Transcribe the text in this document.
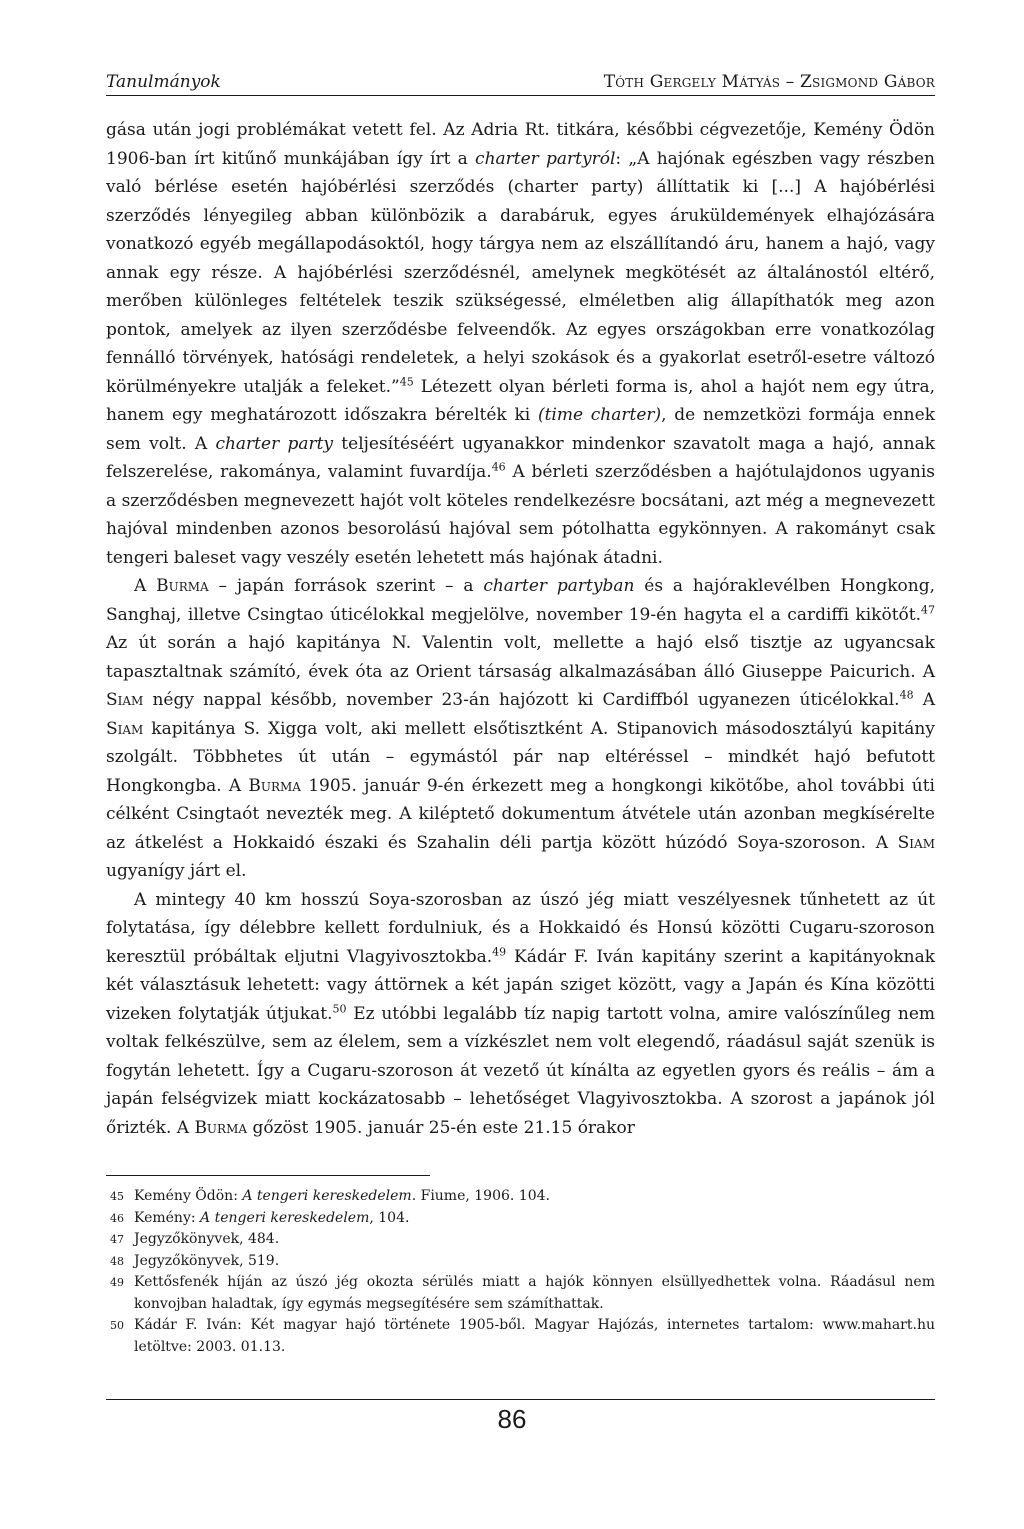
Tanulmányok	Tóth Gergely Mátyás – Zsigmond Gábor

gása után jogi problémákat vetett fel. Az Adria Rt. titkára, későbbi cégvezetője, Kemény Ödön 1906-ban írt kitűnő munkájában így írt a charter partyról: „A hajónak egészben vagy részben való bérlése esetén hajóbérlési szerződés (charter party) állíttatik ki [...] A hajóbérlési szerződés lényegileg abban különbözik a darabáruk, egyes áruküldemények elhajózására vonatkozó egyéb megállapodásoktól, hogy tárgya nem az elszállítandó áru, hanem a hajó, vagy annak egy része. A hajóbérlési szerződésnél, amelynek megkötését az általánostól eltérő, merőben különleges feltételek teszik szükségessé, elméletben alig állapíthatók meg azon pontok, amelyek az ilyen szerződésbe felveendők. Az egyes országokban erre vonatkozólag fennálló törvények, hatósági rendeletek, a helyi szokások és a gyakorlat esetről-esetre változó körülményekre utalják a feleket.”$^{45}$ Létezett olyan bérleti forma is, ahol a hajót nem egy útra, hanem egy meghatározott időszakra bérelték ki (time charter), de nemzetközi formája ennek sem volt. A charter party teljesítéséért ugyanakkor mindenkor szavatolt maga a hajó, annak felszerelése, rakománya, valamint fuvardíja.$^{46}$ A bérleti szerződésben a hajótulajdonos ugyanis a szerződésben megnevezett hajót volt köteles rendelkezésre bocsátani, azt még a megnevezett hajóval mindenben azonos besorolású hajóval sem pótolhatta egykönnyen. A rakományt csak tengeri baleset vagy veszély esetén lehetett más hajónak átadni.

A Burma – japán források szerint – a charter partyban és a hajóraklevélben Hongkong, Sanghaj, illetve Csingtao úticélokkal megjelölve, november 19-én hagyta el a cardiffi kikötőt.$^{47}$ Az út során a hajó kapitánya N. Valentin volt, mellette a hajó első tisztje az ugyancsak tapasztaltnak számító, évek óta az Orient társaság alkalmazásában álló Giuseppe Paicurich. A Siam négy nappal később, november 23-án hajózott ki Cardiffból ugyanezen úticélokkal.$^{48}$ A Siam kapitánya S. Xigga volt, aki mellett elsőtisztként A. Stipanovich másodosztályú kapitány szolgált. Többhetes út után – egymástól pár nap eltéréssel – mindkét hajó befutott Hongkongba. A Burma 1905. január 9-én érkezett meg a hongkongi kikötőbe, ahol további úti célként Csingtaót nevezték meg. A kiléptető dokumentum átvétele után azonban megkísérelte az átkelést a Hokkaidó északi és Szahalin déli partja között húzódó Soya-szoroson. A Siam ugyanígy járt el.

A mintegy 40 km hosszú Soya-szorosban az úszó jég miatt veszélyesnek tűnhetett az út folytatása, így délebbre kellett fordulniuk, és a Hokkaidó és Honsú közötti Cugaru-szoroson keresztül próbáltak eljutni Vlagyivosztokba.$^{49}$ Kádár F. Iván kapitány szerint a kapitányoknak két választásuk lehetett: vagy áttörnek a két japán sziget között, vagy a Japán és Kína közötti vizeken folytatják útjukat.$^{50}$ Ez utóbbi legalább tíz napig tartott volna, amire valószínűleg nem voltak felkészülve, sem az élelem, sem a vízkészlet nem volt elegendő, ráadásul saját szenük is fogytán lehetett. Így a Cugaru-szoroson át vezető út kínálta az egyetlen gyors és reális – ám a japán felségvizek miatt kockázatosabb – lehetőséget Vlagyivosztokba. A szorost a japánok jól őrizték. A Burma gőzöst 1905. január 25-én este 21.15 órakor

45 Kemény Ödön: A tengeri kereskedelem. Fiume, 1906. 104.
46 Kemény: A tengeri kereskedelem, 104.
47 Jegyzőkönyvek, 484.
48 Jegyzőkönyvek, 519.
49 Kettősfenék híján az úszó jég okozta sérülés miatt a hajók könnyen elsüllyedhettek volna. Ráadásul nem konvojban haladtak, így egymás megsegítésére sem számíthattak.
50 Kádár F. Iván: Két magyar hajó története 1905-ből. Magyar Hajózás, internetes tartalom: www.mahart.hu letöltve: 2003. 01.13.
86
